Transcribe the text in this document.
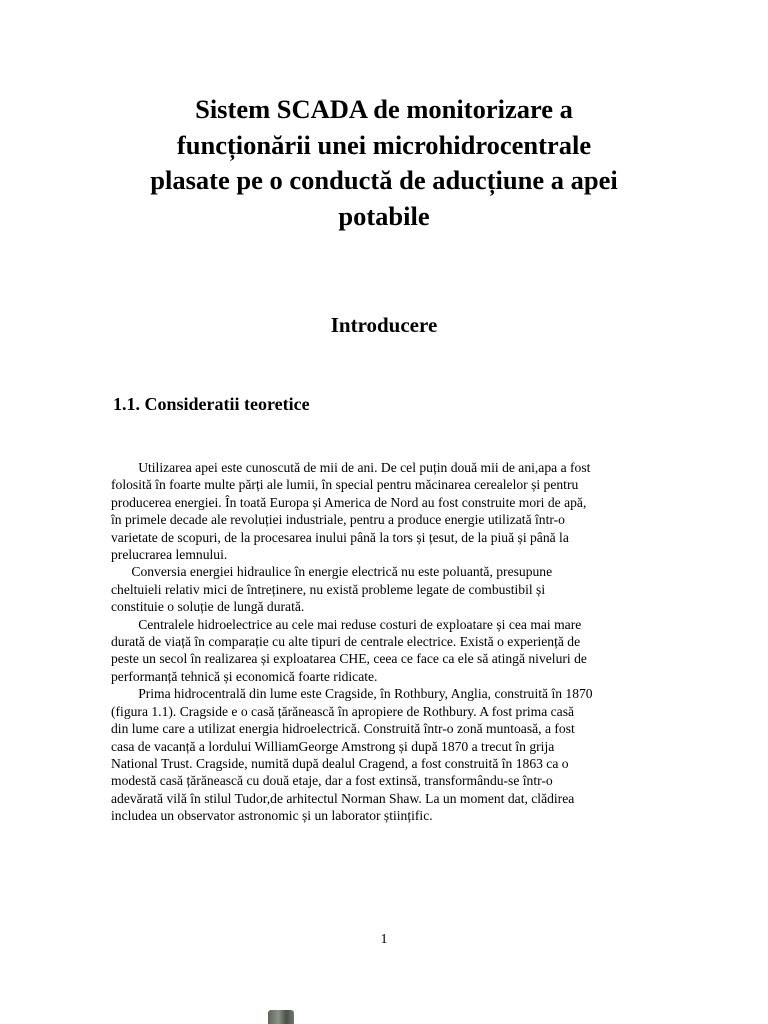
Sistem SCADA de monitorizare a
funcționării unei microhidrocentrale
plasate pe o conductă de aducțiune a apei
potabile
Introducere
1.1. Consideratii teoretice
Utilizarea apei este cunoscută de mii de ani. De cel puțin două mii de ani,apa a fost
folosită în foarte multe părți ale lumii, în special pentru măcinarea cerealelor și pentru
producerea energiei. În toată Europa și America de Nord au fost construite mori de apă,
în primele decade ale revoluției industriale, pentru a produce energie utilizată într-o
varietate de scopuri, de la procesarea inului până la tors și țesut, de la piuă și până la
prelucrarea lemnului.
Conversia energiei hidraulice în energie electrică nu este poluantă, presupune
cheltuieli relativ mici de întreținere, nu există probleme legate de combustibil și
constituie o soluție de lungă durată.
Centralele hidroelectrice au cele mai reduse costuri de exploatare și cea mai mare
durată de viață în comparație cu alte tipuri de centrale electrice. Există o experiență de
peste un secol în realizarea și exploatarea CHE, ceea ce face ca ele să atingă niveluri de
performanță tehnică și economică foarte ridicate.
Prima hidrocentrală din lume este Cragside, în Rothbury, Anglia, construită în 1870
(figura 1.1). Cragside e o casă țărănească în apropiere de Rothbury. A fost prima casă
din lume care a utilizat energia hidroelectrică. Construită într-o zonă muntoasă, a fost
casa de vacanță a lordului WilliamGeorge Amstrong și după 1870 a trecut în grija
National Trust. Cragside, numită după dealul Cragend, a fost construită în 1863 ca o
modestă casă țărănească cu două etaje, dar a fost extinsă, transformându-se într-o
adevărată vilă în stilul Tudor,de arhitectul Norman Shaw. La un moment dat, clădirea
includea un observator astronomic și un laborator științific.
1
